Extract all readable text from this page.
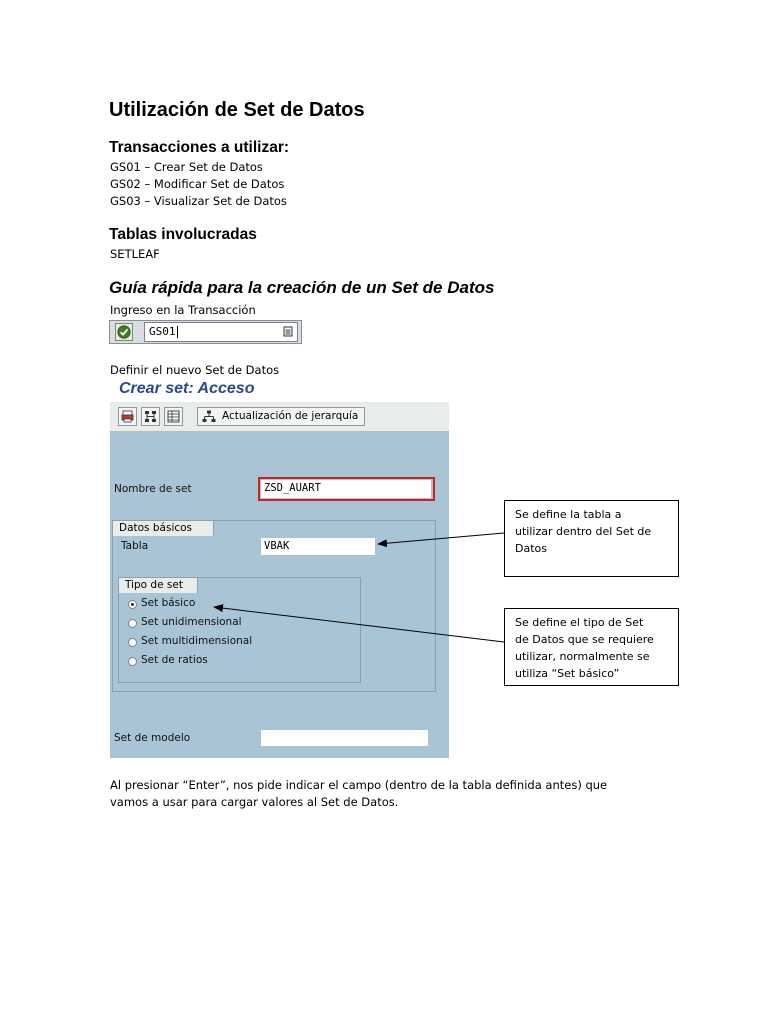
Utilización de Set de Datos
Transacciones a utilizar:
GS01 – Crear Set de Datos
GS02 – Modificar Set de Datos
GS03 – Visualizar Set de Datos
Tablas involucradas
SETLEAF
Guía rápida para la creación de un Set de Datos
Ingreso en la Transacción
GS01
Definir el nuevo Set de Datos
Crear set: Acceso
Actualización de jerarquía
Nombre de set	ZSD_AUART
Datos básicos
Tabla	VBAK
Tipo de set
Set básico
Set unidimensional
Set multidimensional
Set de ratios
Set de modelo
Se define la tabla a
utilizar dentro del Set de
Datos
Se define el tipo de Set
de Datos que se requiere
utilizar, normalmente se
utiliza “Set básico”
Al presionar “Enter”, nos pide indicar el campo (dentro de la tabla definida antes) que
vamos a usar para cargar valores al Set de Datos.
